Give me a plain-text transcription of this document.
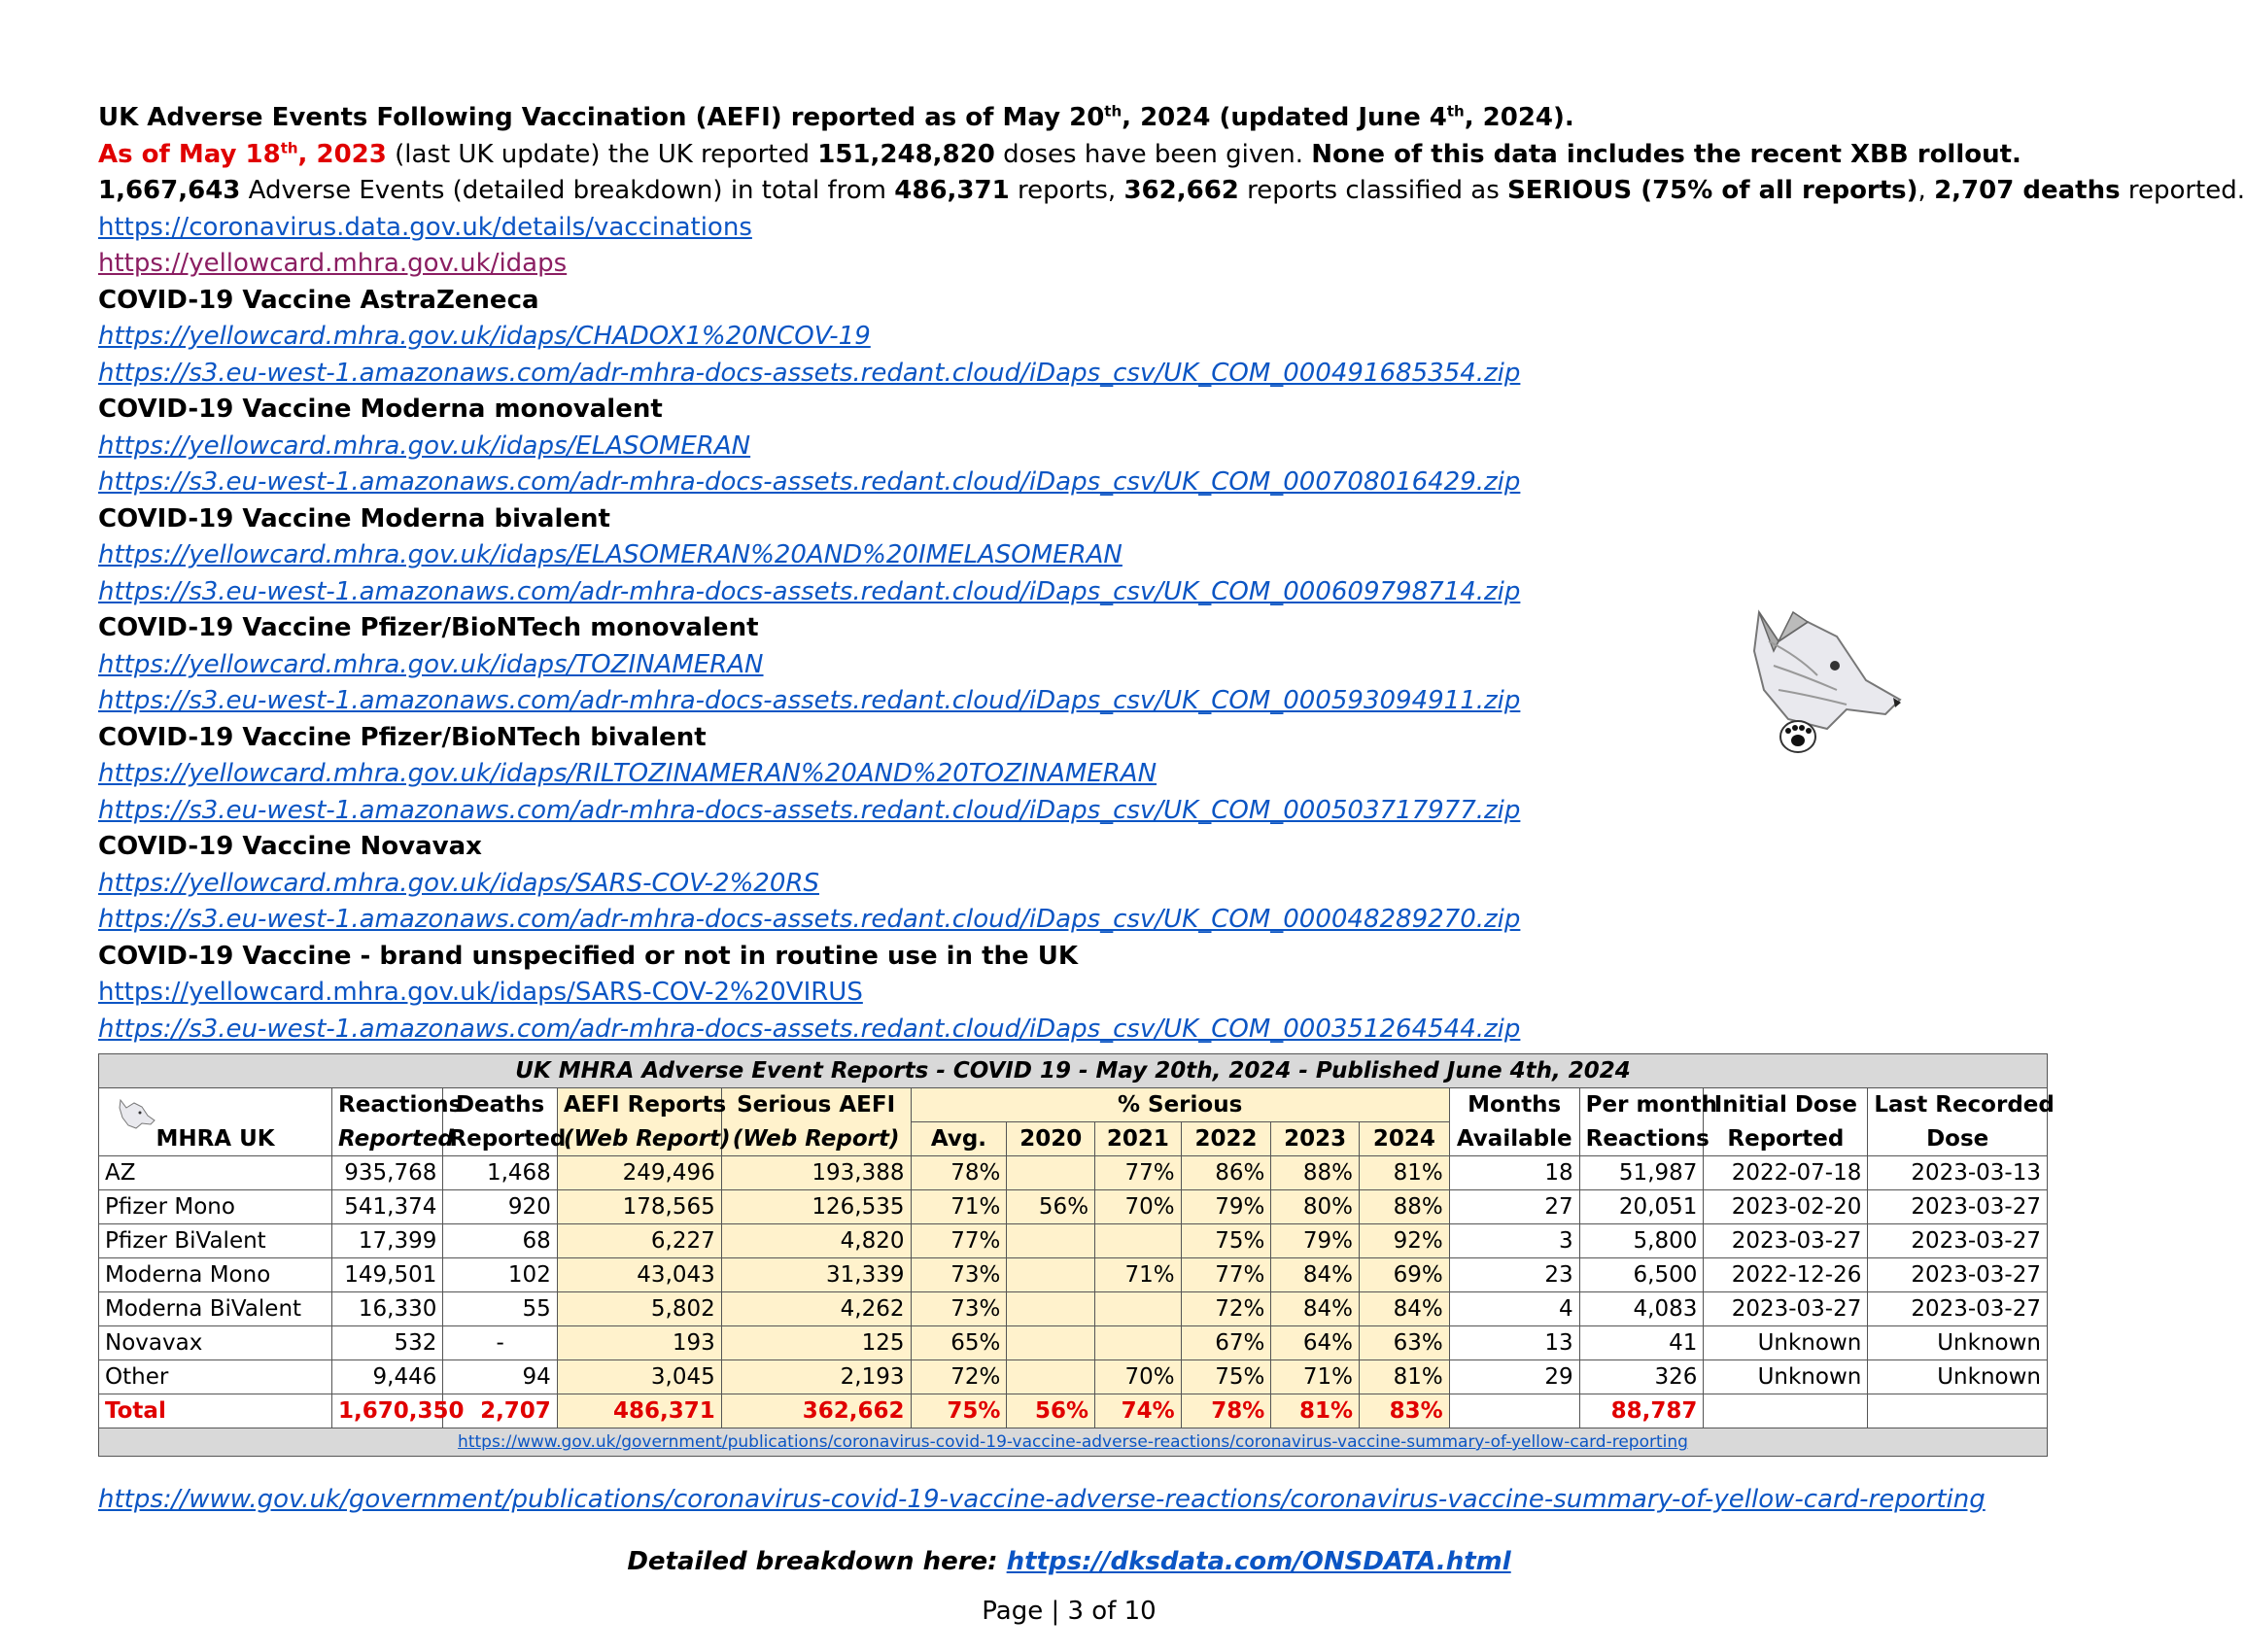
UK Adverse Events Following Vaccination (AEFI) reported as of May 20th, 2024 (updated June 4th, 2024).
As of May 18th, 2023 (last UK update) the UK reported 151,248,820 doses have been given. None of this data includes the recent XBB rollout.
1,667,643 Adverse Events (detailed breakdown) in total from 486,371 reports, 362,662 reports classified as SERIOUS (75% of all reports), 2,707 deaths reported.
https://coronavirus.data.gov.uk/details/vaccinations
https://yellowcard.mhra.gov.uk/idaps
COVID-19 Vaccine AstraZeneca
https://yellowcard.mhra.gov.uk/idaps/CHADOX1%20NCOV-19
https://s3.eu-west-1.amazonaws.com/adr-mhra-docs-assets.redant.cloud/iDaps_csv/UK_COM_000491685354.zip
COVID-19 Vaccine Moderna monovalent
https://yellowcard.mhra.gov.uk/idaps/ELASOMERAN
https://s3.eu-west-1.amazonaws.com/adr-mhra-docs-assets.redant.cloud/iDaps_csv/UK_COM_000708016429.zip
COVID-19 Vaccine Moderna bivalent
https://yellowcard.mhra.gov.uk/idaps/ELASOMERAN%20AND%20IMELASOMERAN
https://s3.eu-west-1.amazonaws.com/adr-mhra-docs-assets.redant.cloud/iDaps_csv/UK_COM_000609798714.zip
COVID-19 Vaccine Pfizer/BioNTech monovalent
https://yellowcard.mhra.gov.uk/idaps/TOZINAMERAN
https://s3.eu-west-1.amazonaws.com/adr-mhra-docs-assets.redant.cloud/iDaps_csv/UK_COM_000593094911.zip
COVID-19 Vaccine Pfizer/BioNTech bivalent
https://yellowcard.mhra.gov.uk/idaps/RILTOZINAMERAN%20AND%20TOZINAMERAN
https://s3.eu-west-1.amazonaws.com/adr-mhra-docs-assets.redant.cloud/iDaps_csv/UK_COM_000503717977.zip
COVID-19 Vaccine Novavax
https://yellowcard.mhra.gov.uk/idaps/SARS-COV-2%20RS
https://s3.eu-west-1.amazonaws.com/adr-mhra-docs-assets.redant.cloud/iDaps_csv/UK_COM_000048289270.zip
COVID-19 Vaccine - brand unspecified or not in routine use in the UK
https://yellowcard.mhra.gov.uk/idaps/SARS-COV-2%20VIRUS
https://s3.eu-west-1.amazonaws.com/adr-mhra-docs-assets.redant.cloud/iDaps_csv/UK_COM_000351264544.zip
UK MHRA Adverse Event Reports - COVID 19 - May 20th, 2024 - Published June 4th, 2024														

MHRA UK	Reactions	Deaths	AEFI Reports	Serious AEFI	% Serious						Months	Per month	Initial Dose	Last Recorded
	Reported	Reported	(Web Report)	(Web Report)	Avg.	2020	2021	2022	2023	2024	Available	Reactions	Reported	Dose
AZ	935,768	1,468	249,496	193,388	78%		77%	86%	88%	81%	18	51,987	2022-07-18	2023-03-13
Pfizer Mono	541,374	920	178,565	126,535	71%	56%	70%	79%	80%	88%	27	20,051	2023-02-20	2023-03-27
Pfizer BiValent	17,399	68	6,227	4,820	77%			75%	79%	92%	3	5,800	2023-03-27	2023-03-27
Moderna Mono	149,501	102	43,043	31,339	73%		71%	77%	84%	69%	23	6,500	2022-12-26	2023-03-27
Moderna BiValent	16,330	55	5,802	4,262	73%			72%	84%	84%	4	4,083	2023-03-27	2023-03-27
Novavax	532	-	193	125	65%			67%	64%	63%	13	41	Unknown	Unknown
Other	9,446	94	3,045	2,193	72%		70%	75%	71%	81%	29	326	Unknown	Unknown
Total	1,670,350	2,707	486,371	362,662	75%	56%	74%	78%	81%	83%		88,787		
https://www.gov.uk/government/publications/coronavirus-covid-19-vaccine-adverse-reactions/coronavirus-vaccine-summary-of-yellow-card-reporting														
https://www.gov.uk/government/publications/coronavirus-covid-19-vaccine-adverse-reactions/coronavirus-vaccine-summary-of-yellow-card-reporting
Detailed breakdown here: https://dksdata.com/ONSDATA.html
Page | 3 of 10
